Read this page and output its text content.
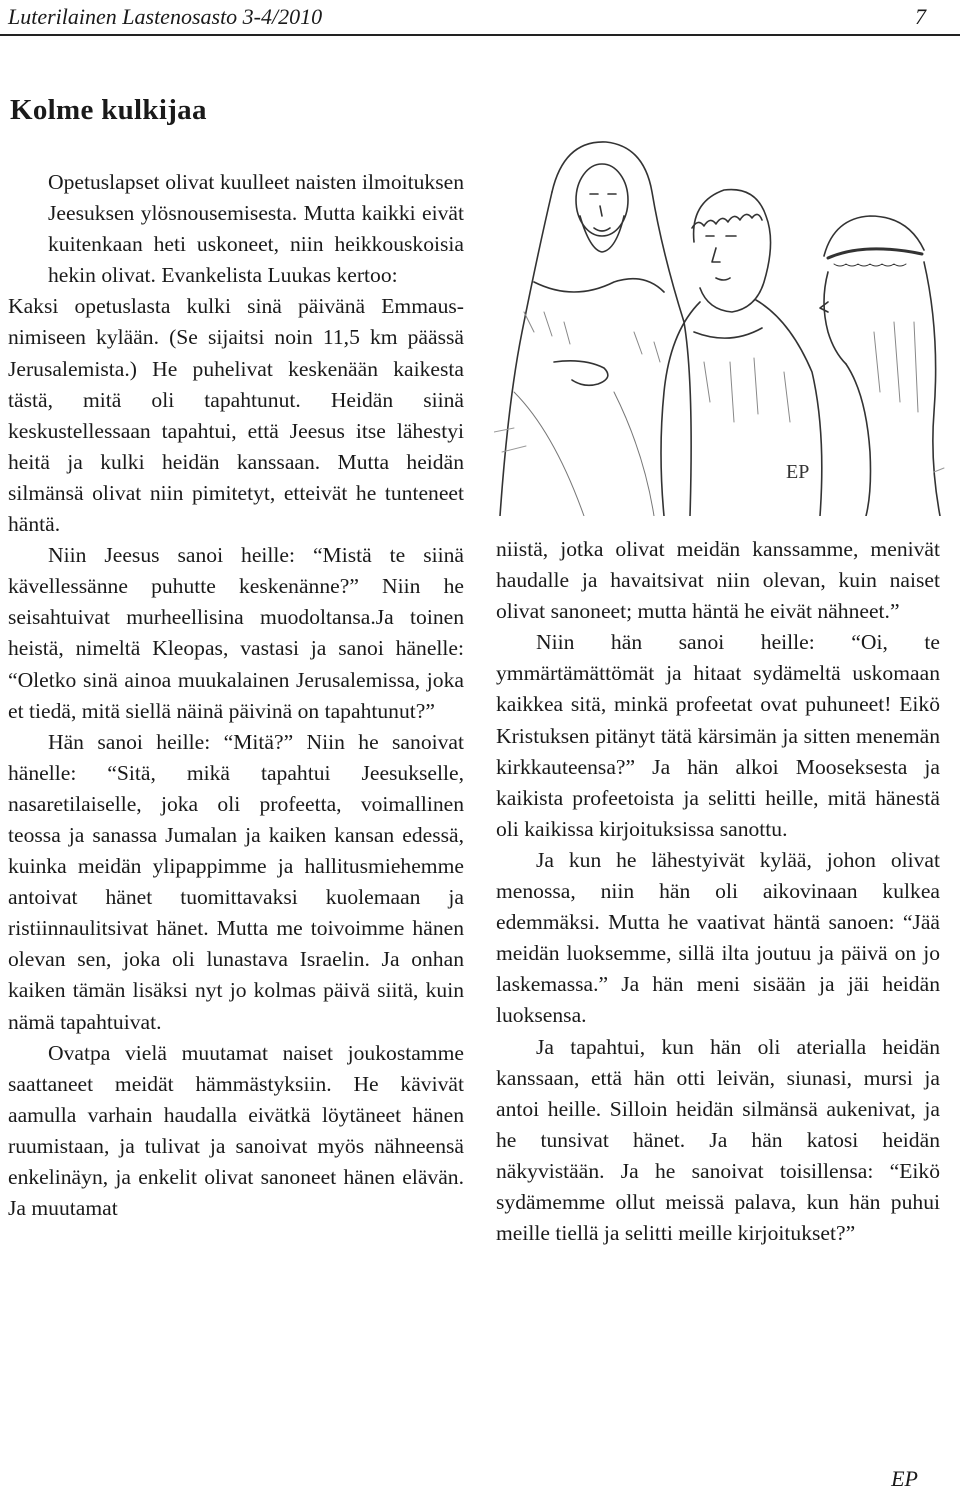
Luterilainen Lastenosasto 3-4/2010	7
Kolme kulkijaa
EP

Opetuslapset olivat kuulleet naisten ilmoituksen Jeesuksen ylösnousemisesta. Mutta kaikki eivät kuitenkaan heti uskoneet, niin heikkouskoisia hekin olivat. Evankelista Luukas kertoo:

Kaksi opetuslasta kulki sinä päivänä Emmaus-nimiseen kylään. (Se sijaitsi noin 11,5 km päässä Jerusalemista.) He puhelivat keskenään kaikesta tästä, mitä oli tapahtunut. Heidän siinä keskustellessaan tapahtui, että Jeesus itse lähestyi heitä ja kulki heidän kanssaan. Mutta heidän silmänsä olivat niin pimitetyt, etteivät he tunteneet häntä.

Niin Jeesus sanoi heille: “Mistä te siinä kävellessänne puhutte keskenänne?” Niin he seisahtuivat murheellisina muodoltansa.Ja toinen heistä, nimeltä Kleopas, vastasi ja sanoi hänelle: “Oletko sinä ainoa muukalainen Jerusalemissa, joka et tiedä, mitä siellä näinä päivinä on tapahtunut?”

Hän sanoi heille: “Mitä?” Niin he sanoivat hänelle: “Sitä, mikä tapahtui Jeesukselle, nasaretilaiselle, joka oli profeetta, voimallinen teossa ja sanassa Jumalan ja kaiken kansan edessä, kuinka meidän ylipappimme ja hallitusmiehemme antoivat hänet tuomittavaksi kuolemaan ja ristiinnaulitsivat hänet. Mutta me toivoimme hänen olevan sen, joka oli lunastava Israelin. Ja onhan kaiken tämän lisäksi nyt jo kolmas päivä siitä, kuin nämä tapahtuivat.

Ovatpa vielä muutamat naiset joukostamme saattaneet meidät hämmästyksiin. He kävivät aamulla varhain haudalla eivätkä löytäneet hänen ruumistaan, ja tulivat ja sanoivat myös nähneensä enkelinäyn, ja enkelit olivat sanoneet hänen elävän. Ja muutamat

niistä, jotka olivat meidän kanssamme, menivät haudalle ja havaitsivat niin olevan, kuin naiset olivat sanoneet; mutta häntä he eivät nähneet.”

Niin hän sanoi heille: “Oi, te ymmärtämättömät ja hitaat sydämeltä uskomaan kaikkea sitä, minkä profeetat ovat puhuneet! Eikö Kristuksen pitänyt tätä kärsimän ja sitten menemän kirkkauteensa?” Ja hän alkoi Mooseksesta ja kaikista profeetoista ja selitti heille, mitä hänestä oli kaikissa kirjoituksissa sanottu.

Ja kun he lähestyivät kylää, johon olivat menossa, niin hän oli aikovinaan kulkea edemmäksi. Mutta he vaativat häntä sanoen: “Jää meidän luoksemme, sillä ilta joutuu ja päivä on jo laskemassa.” Ja hän meni sisään ja jäi heidän luoksensa.

Ja tapahtui, kun hän oli aterialla heidän kanssaan, että hän otti leivän, siunasi, mursi ja antoi heille. Silloin heidän silmänsä aukenivat, ja he tunsivat hänet. Ja hän katosi heidän näkyvistään. Ja he sanoivat toisillensa: “Eikö sydämemme ollut meissä palava, kun hän puhui meille tiellä ja selitti meille kirjoitukset?”

EP
